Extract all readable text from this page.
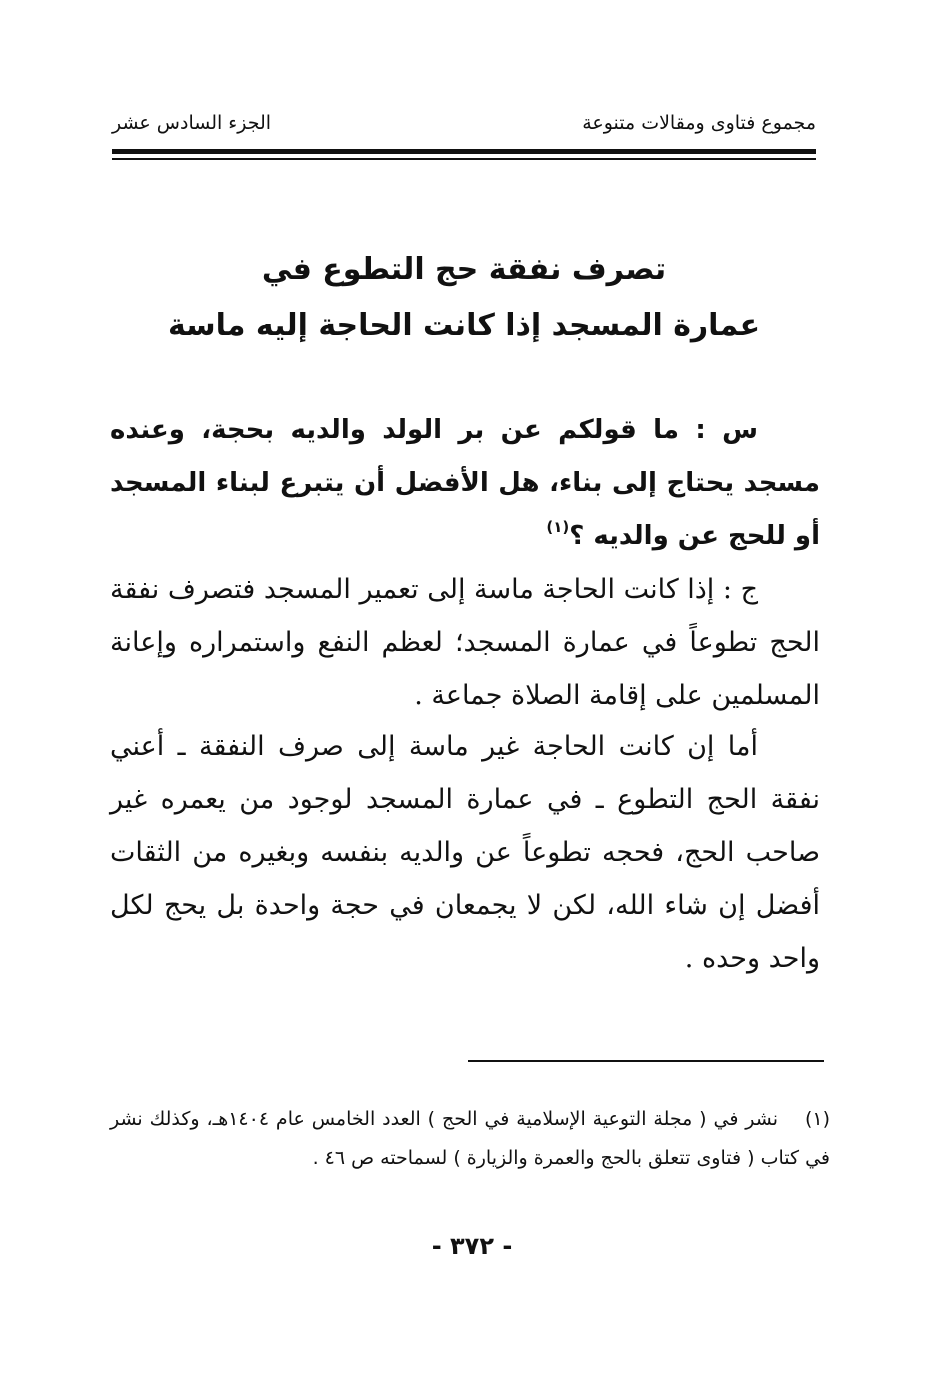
مجموع فتاوى ومقالات متنوعة
الجزء السادس عشر
تصرف نفقة حج التطوع في
عمارة المسجد إذا كانت الحاجة إليه ماسة
س : ما قولكم عن بر الولد والديه بحجة، وعنده مسجد يحتاج إلى بناء، هل الأفضل أن يتبرع لبناء المسجد أو للحج عن والديه ؟$^{(١)}$
ج : إذا كانت الحاجة ماسة إلى تعمير المسجد فتصرف نفقة الحج تطوعاً في عمارة المسجد؛ لعظم النفع واستمراره وإعانة المسلمين على إقامة الصلاة جماعة .
أما إن كانت الحاجة غير ماسة إلى صرف النفقة ـ أعني نفقة الحج التطوع ـ في عمارة المسجد لوجود من يعمره غير صاحب الحج، فحجه تطوعاً عن والديه بنفسه وبغيره من الثقات أفضل إن شاء الله، لكن لا يجمعان في حجة واحدة بل يحج لكل واحد وحده .
(١)نشر في ( مجلة التوعية الإسلامية في الحج ) العدد الخامس عام ١٤٠٤هـ، وكذلك نشر في كتاب ( فتاوى تتعلق بالحج والعمرة والزيارة ) لسماحته ص ٤٦ .
- ٣٧٢ -
